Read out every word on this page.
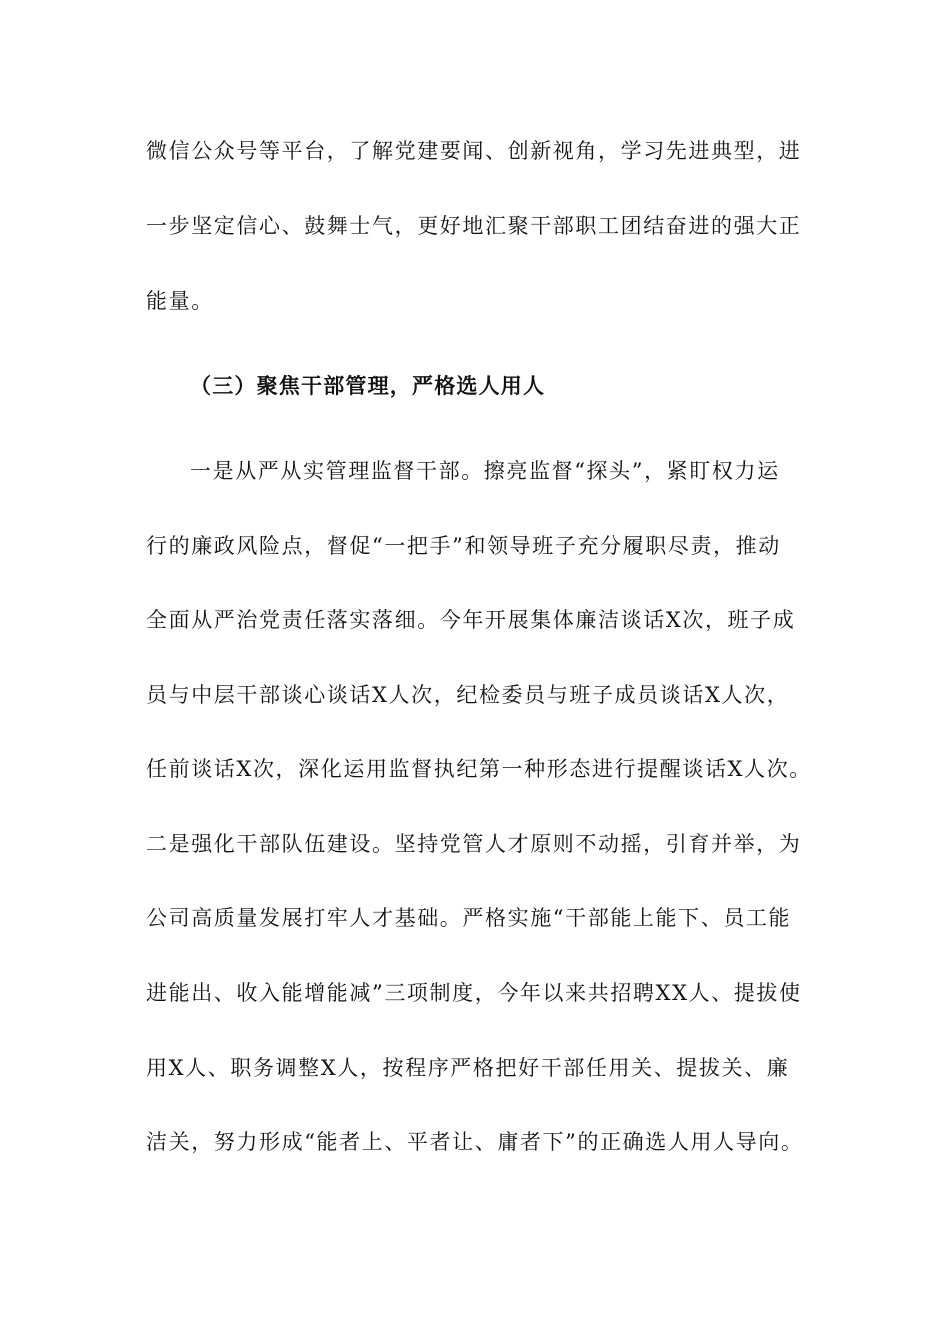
微信公众号等平台，了解党建要闻、创新视角，学习先进典型，进
一步坚定信心、鼓舞士气，更好地汇聚干部职工团结奋进的强大正
能量。
（三）聚焦干部管理，严格选人用人
一是从严从实管理监督干部。擦亮监督“探头”，紧盯权力运
行的廉政风险点，督促“一把手”和领导班子充分履职尽责，推动
全面从严治党责任落实落细。今年开展集体廉洁谈话X次，班子成
员与中层干部谈心谈话X人次，纪检委员与班子成员谈话X人次，
任前谈话X次，深化运用监督执纪第一种形态进行提醒谈话X人次。
二是强化干部队伍建设。坚持党管人才原则不动摇，引育并举，为
公司高质量发展打牢人才基础。严格实施“干部能上能下、员工能
进能出、收入能增能减”三项制度，今年以来共招聘XX人、提拔使
用X人、职务调整X人，按程序严格把好干部任用关、提拔关、廉
洁关，努力形成“能者上、平者让、庸者下”的正确选人用人导向。
